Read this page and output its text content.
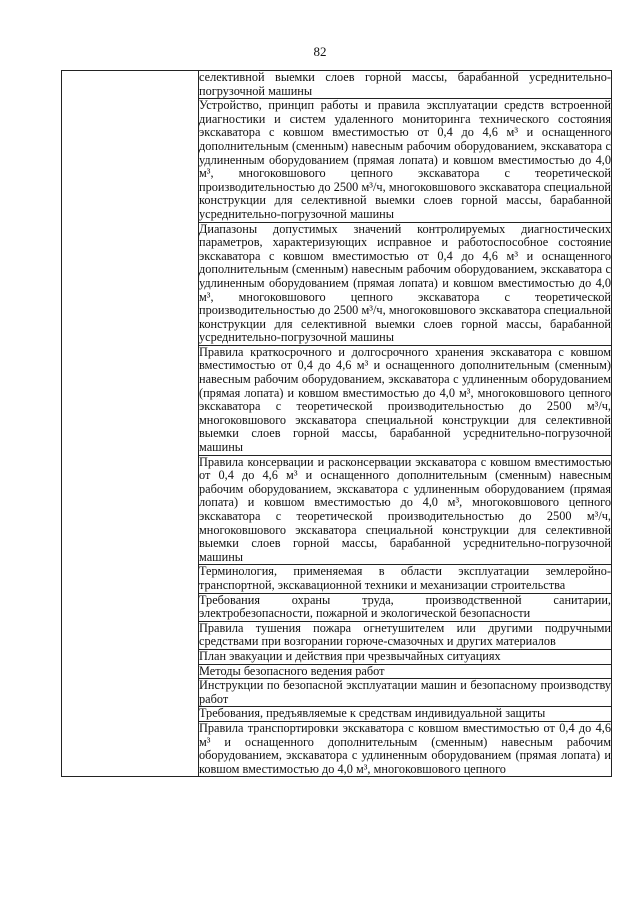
82
	селективной выемки слоев горной массы, барабанной усреднительно-погрузочной машины
Устройство, принцип работы и правила эксплуатации средств встроенной диагностики и систем удаленного мониторинга технического состояния экскаватора с ковшом вместимостью от 0,4 до 4,6 м³ и оснащенного дополнительным (сменным) навесным рабочим оборудованием, экскаватора с удлиненным оборудованием (прямая лопата) и ковшом вместимостью до 4,0 м³, многоковшового цепного экскаватора с теоретической производительностью до 2500 м³/ч, многоковшового экскаватора специальной конструкции для селективной выемки слоев горной массы, барабанной усреднительно-погрузочной машины
Диапазоны допустимых значений контролируемых диагностических параметров, характеризующих исправное и работоспособное состояние экскаватора с ковшом вместимостью от 0,4 до 4,6 м³ и оснащенного дополнительным (сменным) навесным рабочим оборудованием, экскаватора с удлиненным оборудованием (прямая лопата) и ковшом вместимостью до 4,0 м³, многоковшового цепного экскаватора с теоретической производительностью до 2500 м³/ч, многоковшового экскаватора специальной конструкции для селективной выемки слоев горной массы, барабанной усреднительно-погрузочной машины
Правила краткосрочного и долгосрочного хранения экскаватора с ковшом вместимостью от 0,4 до 4,6 м³ и оснащенного дополнительным (сменным) навесным рабочим оборудованием, экскаватора с удлиненным оборудованием (прямая лопата) и ковшом вместимостью до 4,0 м³, многоковшового цепного экскаватора с теоретической производительностью до 2500 м³/ч, многоковшового экскаватора специальной конструкции для селективной выемки слоев горной массы, барабанной усреднительно-погрузочной машины
Правила консервации и расконсервации экскаватора с ковшом вместимостью от 0,4 до 4,6 м³ и оснащенного дополнительным (сменным) навесным рабочим оборудованием, экскаватора с удлиненным оборудованием (прямая лопата) и ковшом вместимостью до 4,0 м³, многоковшового цепного экскаватора с теоретической производительностью до 2500 м³/ч, многоковшового экскаватора специальной конструкции для селективной выемки слоев горной массы, барабанной усреднительно-погрузочной машины
Терминология, применяемая в области эксплуатации землеройно-транспортной, экскавационной техники и механизации строительства
Требования охраны труда, производственной санитарии, электробезопасности, пожарной и экологической безопасности
Правила тушения пожара огнетушителем или другими подручными средствами при возгорании горюче-смазочных и других материалов
План эвакуации и действия при чрезвычайных ситуациях
Методы безопасного ведения работ
Инструкции по безопасной эксплуатации машин и безопасному производству работ
Требования, предъявляемые к средствам индивидуальной защиты
Правила транспортировки экскаватора с ковшом вместимостью от 0,4 до 4,6 м³ и оснащенного дополнительным (сменным) навесным рабочим оборудованием, экскаватора с удлиненным оборудованием (прямая лопата) и ковшом вместимостью до 4,0 м³, многоковшового цепного
